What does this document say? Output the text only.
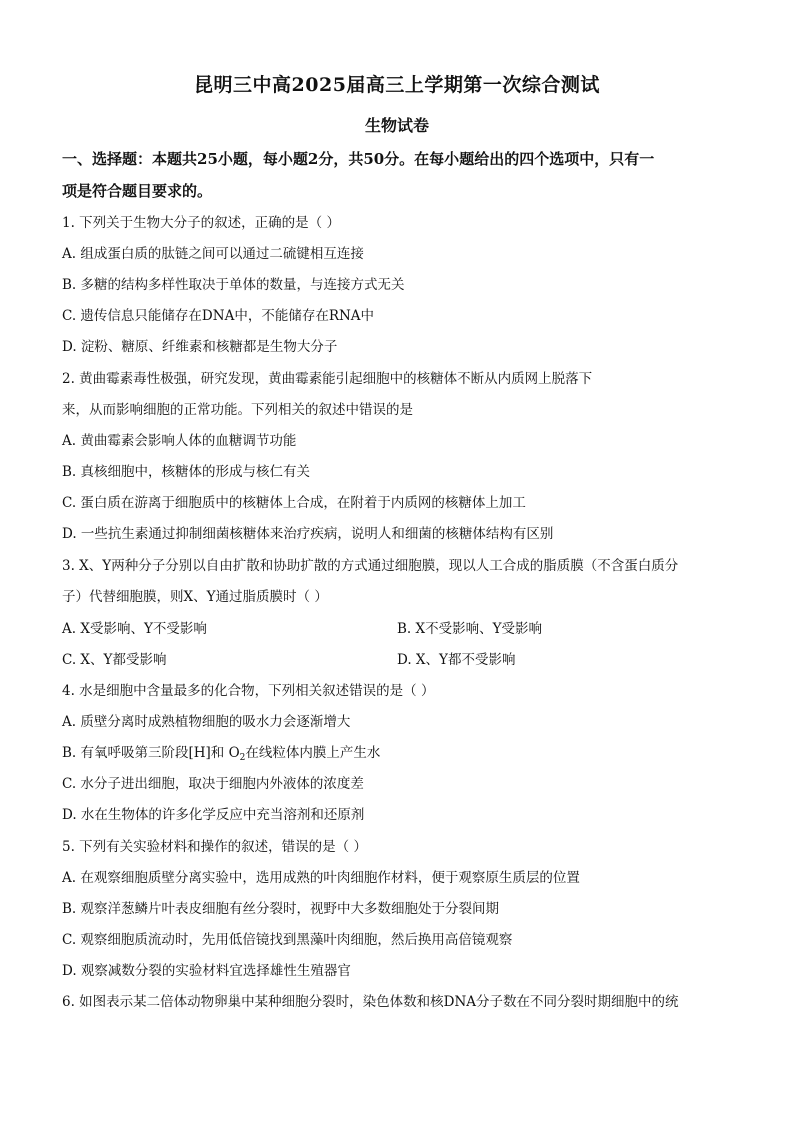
昆明三中高2025届高三上学期第一次综合测试
生物试卷
一、选择题：本题共25小题，每小题2分，共50分。在每小题给出的四个选项中，只有一
项是符合题目要求的。
1. 下列关于生物大分子的叙述，正确的是（ ）
A. 组成蛋白质的肽链之间可以通过二硫键相互连接
B. 多糖的结构多样性取决于单体的数量，与连接方式无关
C. 遗传信息只能储存在DNA中，不能储存在RNA中
D. 淀粉、糖原、纤维素和核糖都是生物大分子
2. 黄曲霉素毒性极强，研究发现，黄曲霉素能引起细胞中的核糖体不断从内质网上脱落下
来，从而影响细胞的正常功能。下列相关的叙述中错误的是
A. 黄曲霉素会影响人体的血糖调节功能
B. 真核细胞中，核糖体的形成与核仁有关
C. 蛋白质在游离于细胞质中的核糖体上合成，在附着于内质网的核糖体上加工
D. 一些抗生素通过抑制细菌核糖体来治疗疾病，说明人和细菌的核糖体结构有区别
3. X、Y两种分子分别以自由扩散和协助扩散的方式通过细胞膜，现以人工合成的脂质膜（不含蛋白质分
子）代替细胞膜，则X、Y通过脂质膜时（ ）
A. X受影响、Y不受影响	B. X不受影响、Y受影响
C. X、Y都受影响	D. X、Y都不受影响
4. 水是细胞中含量最多的化合物，下列相关叙述错误的是（ ）
A. 质壁分离时成熟植物细胞的吸水力会逐渐增大
B. 有氧呼吸第三阶段[H]和 $O_2$在线粒体内膜上产生水
C. 水分子进出细胞，取决于细胞内外液体的浓度差
D. 水在生物体的许多化学反应中充当溶剂和还原剂
5. 下列有关实验材料和操作的叙述，错误的是（ ）
A. 在观察细胞质壁分离实验中，选用成熟的叶肉细胞作材料，便于观察原生质层的位置
B. 观察洋葱鳞片叶表皮细胞有丝分裂时，视野中大多数细胞处于分裂间期
C. 观察细胞质流动时，先用低倍镜找到黑藻叶肉细胞，然后换用高倍镜观察
D. 观察减数分裂的实验材料宜选择雄性生殖器官
6. 如图表示某二倍体动物卵巢中某种细胞分裂时，染色体数和核DNA分子数在不同分裂时期细胞中的统
